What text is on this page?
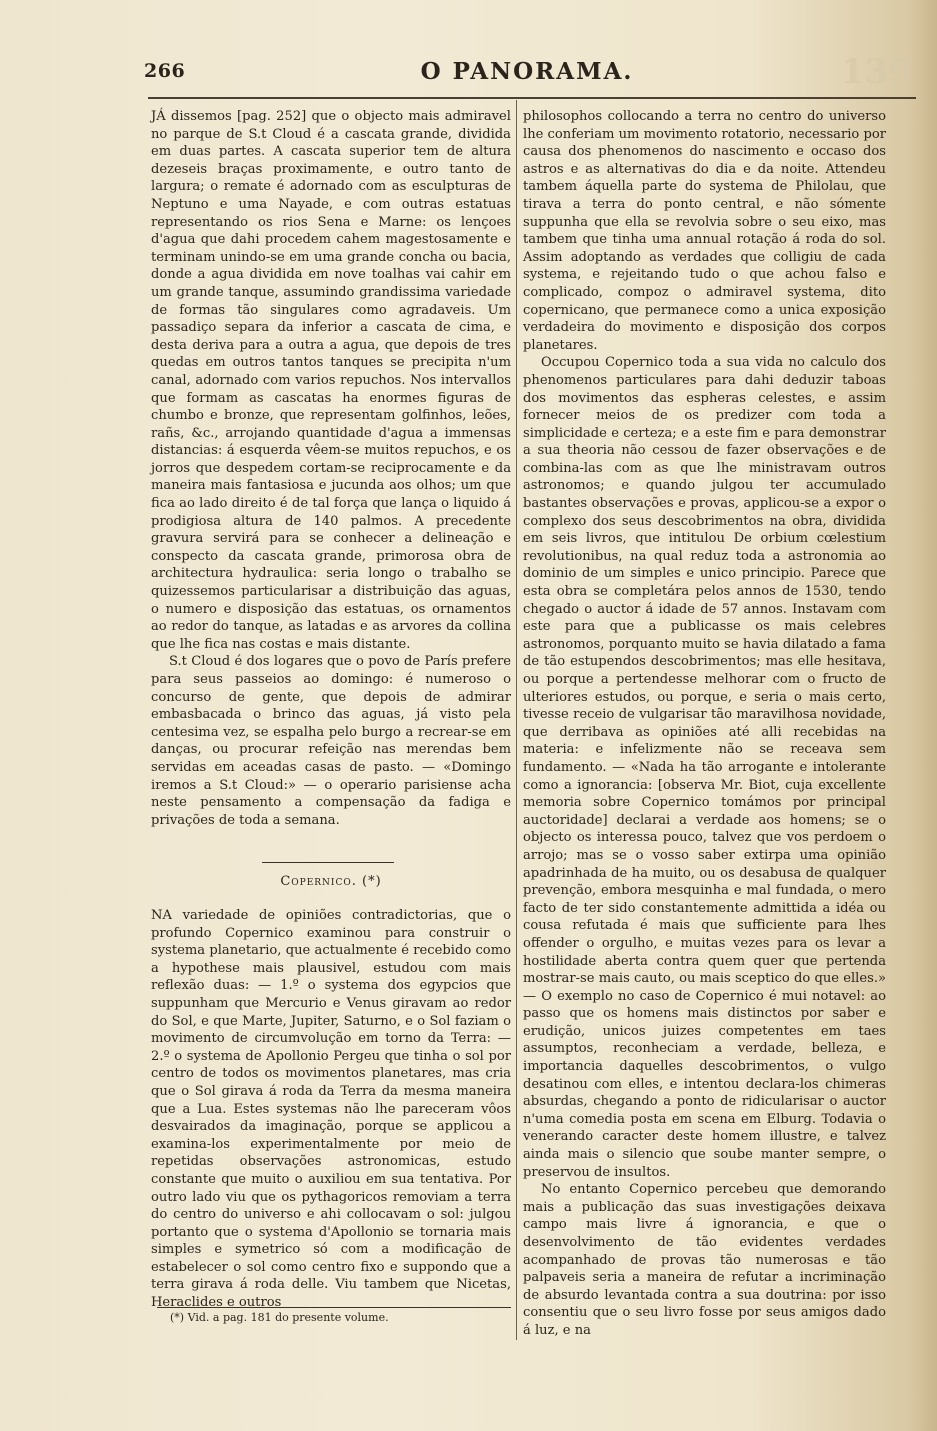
266	O PANORAMA.	139

JÁ dissemos [pag. 252] que o objecto mais admiravel no parque de S.t Cloud é a cascata grande, dividida em duas partes. A cascata superior tem de altura dezeseis braças proximamente, e outro tanto de largura; o remate é adornado com as esculpturas de Neptuno e uma Nayade, e com outras estatuas representando os rios Sena e Marne: os lençoes d'agua que dahi procedem cahem magestosamente e terminam unindo-se em uma grande concha ou bacia, donde a agua dividida em nove toalhas vai cahir em um grande tanque, assumindo grandissima variedade de formas tão singulares como agradaveis. Um passadiço separa da inferior a cascata de cima, e desta deriva para a outra a agua, que depois de tres quedas em outros tantos tanques se precipita n'um canal, adornado com varios repuchos. Nos intervallos que formam as cascatas ha enormes figuras de chumbo e bronze, que representam golfinhos, leões, rañs, &c., arrojando quantidade d'agua a immensas distancias: á esquerda vêem-se muitos repuchos, e os jorros que despedem cortam-se reciprocamente e da maneira mais fantasiosa e jucunda aos olhos; um que fica ao lado direito é de tal força que lança o liquido á prodigiosa altura de 140 palmos. A precedente gravura servirá para se conhecer a delineação e conspecto da cascata grande, primorosa obra de architectura hydraulica: seria longo o trabalho se quizessemos particularisar a distribuição das aguas, o numero e disposição das estatuas, os ornamentos ao redor do tanque, as latadas e as arvores da collina que lhe fica nas costas e mais distante.

S.t Cloud é dos logares que o povo de París prefere para seus passeios ao domingo: é numeroso o concurso de gente, que depois de admirar embasbacada o brinco das aguas, já visto pela centesima vez, se espalha pelo burgo a recrear-se em danças, ou procurar refeição nas merendas bem servidas em aceadas casas de pasto. — «Domingo iremos a S.t Cloud:» — o operario parisiense acha neste pensamento a compensação da fadiga e privações de toda a semana.

Copernico. (*)

NA variedade de opiniões contradictorias, que o profundo Copernico examinou para construir o systema planetario, que actualmente é recebido como a hypothese mais plausivel, estudou com mais reflexão duas: — 1.º o systema dos egypcios que suppunham que Mercurio e Venus giravam ao redor do Sol, e que Marte, Jupiter, Saturno, e o Sol faziam o movimento de circumvolução em torno da Terra: — 2.º o systema de Apollonio Pergeu que tinha o sol por centro de todos os movimentos planetares, mas cria que o Sol girava á roda da Terra da mesma maneira que a Lua. Estes systemas não lhe pareceram vôos desvairados da imaginação, porque se applicou a examina-los experimentalmente por meio de repetidas observações astronomicas, estudo constante que muito o auxiliou em sua tentativa. Por outro lado viu que os pythagoricos removiam a terra do centro do universo e ahi collocavam o sol: julgou portanto que o systema d'Apollonio se tornaria mais simples e symetrico só com a modificação de estabelecer o sol como centro fixo e suppondo que a terra girava á roda delle. Viu tambem que Nicetas, Heraclides e outros

(*) Vid. a pag. 181 do presente volume.

philosophos collocando a terra no centro do universo lhe conferiam um movimento rotatorio, necessario por causa dos phenomenos do nascimento e occaso dos astros e as alternativas do dia e da noite. Attendeu tambem áquella parte do systema de Philolau, que tirava a terra do ponto central, e não sómente suppunha que ella se revolvia sobre o seu eixo, mas tambem que tinha uma annual rotação á roda do sol. Assim adoptando as verdades que colligiu de cada systema, e rejeitando tudo o que achou falso e complicado, compoz o admiravel systema, dito copernicano, que permanece como a unica exposição verdadeira do movimento e disposição dos corpos planetares.

Occupou Copernico toda a sua vida no calculo dos phenomenos particulares para dahi deduzir taboas dos movimentos das espheras celestes, e assim fornecer meios de os predizer com toda a simplicidade e certeza; e a este fim e para demonstrar a sua theoria não cessou de fazer observações e de combina-las com as que lhe ministravam outros astronomos; e quando julgou ter accumulado bastantes observações e provas, applicou-se a expor o complexo dos seus descobrimentos na obra, dividida em seis livros, que intitulou De orbium cœlestium revolutionibus, na qual reduz toda a astronomia ao dominio de um simples e unico principio. Parece que esta obra se completára pelos annos de 1530, tendo chegado o auctor á idade de 57 annos. Instavam com este para que a publicasse os mais celebres astronomos, porquanto muito se havia dilatado a fama de tão estupendos descobrimentos; mas elle hesitava, ou porque a pertendesse melhorar com o fructo de ulteriores estudos, ou porque, e seria o mais certo, tivesse receio de vulgarisar tão maravilhosa novidade, que derribava as opiniões até alli recebidas na materia: e infelizmente não se receava sem fundamento. — «Nada ha tão arrogante e intolerante como a ignorancia: [observa Mr. Biot, cuja excellente memoria sobre Copernico tomámos por principal auctoridade] declarai a verdade aos homens; se o objecto os interessa pouco, talvez que vos perdoem o arrojo; mas se o vosso saber extirpa uma opinião apadrinhada de ha muito, ou os desabusa de qualquer prevenção, embora mesquinha e mal fundada, o mero facto de ter sido constantemente admittida a idéa ou cousa refutada é mais que sufficiente para lhes offender o orgulho, e muitas vezes para os levar a hostilidade aberta contra quem quer que pertenda mostrar-se mais cauto, ou mais sceptico do que elles.» — O exemplo no caso de Copernico é mui notavel: ao passo que os homens mais distinctos por saber e erudição, unicos juizes competentes em taes assumptos, reconheciam a verdade, belleza, e importancia daquelles descobrimentos, o vulgo desatinou com elles, e intentou declara-los chimeras absurdas, chegando a ponto de ridicularisar o auctor n'uma comedia posta em scena em Elburg. Todavia o venerando caracter deste homem illustre, e talvez ainda mais o silencio que soube manter sempre, o preservou de insultos.

No entanto Copernico percebeu que demorando mais a publicação das suas investigações deixava campo mais livre á ignorancia, e que o desenvolvimento de tão evidentes verdades acompanhado de provas tão numerosas e tão palpaveis seria a maneira de refutar a incriminação de absurdo levantada contra a sua doutrina: por isso consentiu que o seu livro fosse por seus amigos dado á luz, e na
